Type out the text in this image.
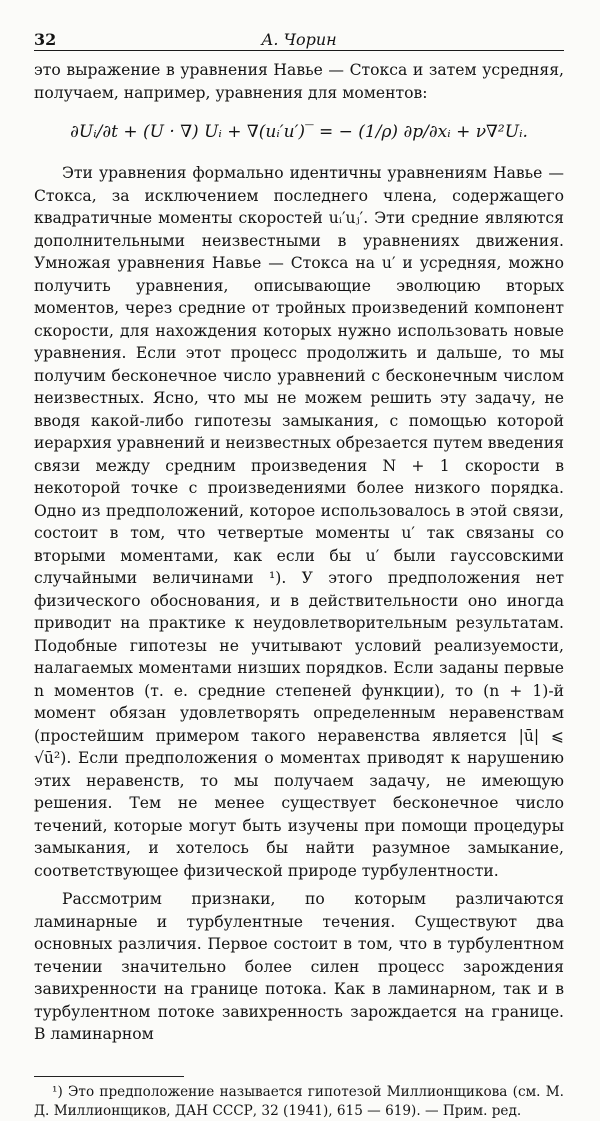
32	А. Чорин

это выражение в уравнения Навье — Стокса и затем усредняя, получаем, например, уравнения для моментов:

∂Uᵢ/∂t + (U · ∇) Uᵢ + ∇(uᵢ′u′)‾ = − (1/ρ) ∂p/∂xᵢ + ν∇²Uᵢ.

Эти уравнения формально идентичны уравнениям Навье — Стокса, за исключением последнего члена, содержащего квадратичные моменты скоростей uᵢ′uⱼ′. Эти средние являются дополнительными неизвестными в уравнениях движения. Умножая уравнения Навье — Стокса на u′ и усредняя, можно получить уравнения, описывающие эволюцию вторых моментов, через средние от тройных произведений компонент скорости, для нахождения которых нужно использовать новые уравнения. Если этот процесс продолжить и дальше, то мы получим бесконечное число уравнений с бесконечным числом неизвестных. Ясно, что мы не можем решить эту задачу, не вводя какой-либо гипотезы замыкания, с помощью которой иерархия уравнений и неизвестных обрезается путем введения связи между средним произведения N + 1 скорости в некоторой точке с произведениями более низкого порядка. Одно из предположений, которое использовалось в этой связи, состоит в том, что четвертые моменты u′ так связаны со вторыми моментами, как если бы u′ были гауссовскими случайными величинами ¹). У этого предположения нет физического обоснования, и в действительности оно иногда приводит на практике к неудовлетворительным результатам. Подобные гипотезы не учитывают условий реализуемости, налагаемых моментами низших порядков. Если заданы первые n моментов (т. е. средние степеней функции), то (n + 1)-й момент обязан удовлетворять определенным неравенствам (простейшим примером такого неравенства является |ū| ⩽ √ū²). Если предположения о моментах приводят к нарушению этих неравенств, то мы получаем задачу, не имеющую решения. Тем не менее существует бесконечное число течений, которые могут быть изучены при помощи процедуры замыкания, и хотелось бы найти разумное замыкание, соответствующее физической природе турбулентности.

Рассмотрим признаки, по которым различаются ламинарные и турбулентные течения. Существуют два основных различия. Первое состоит в том, что в турбулентном течении значительно более силен процесс зарождения завихренности на границе потока. Как в ламинарном, так и в турбулентном потоке завихренность зарождается на границе. В ламинарном

¹) Это предположение называется гипотезой Миллионщикова (см. М. Д. Миллионщиков, ДАН СССР, 32 (1941), 615 — 619). — Прим. ред.
